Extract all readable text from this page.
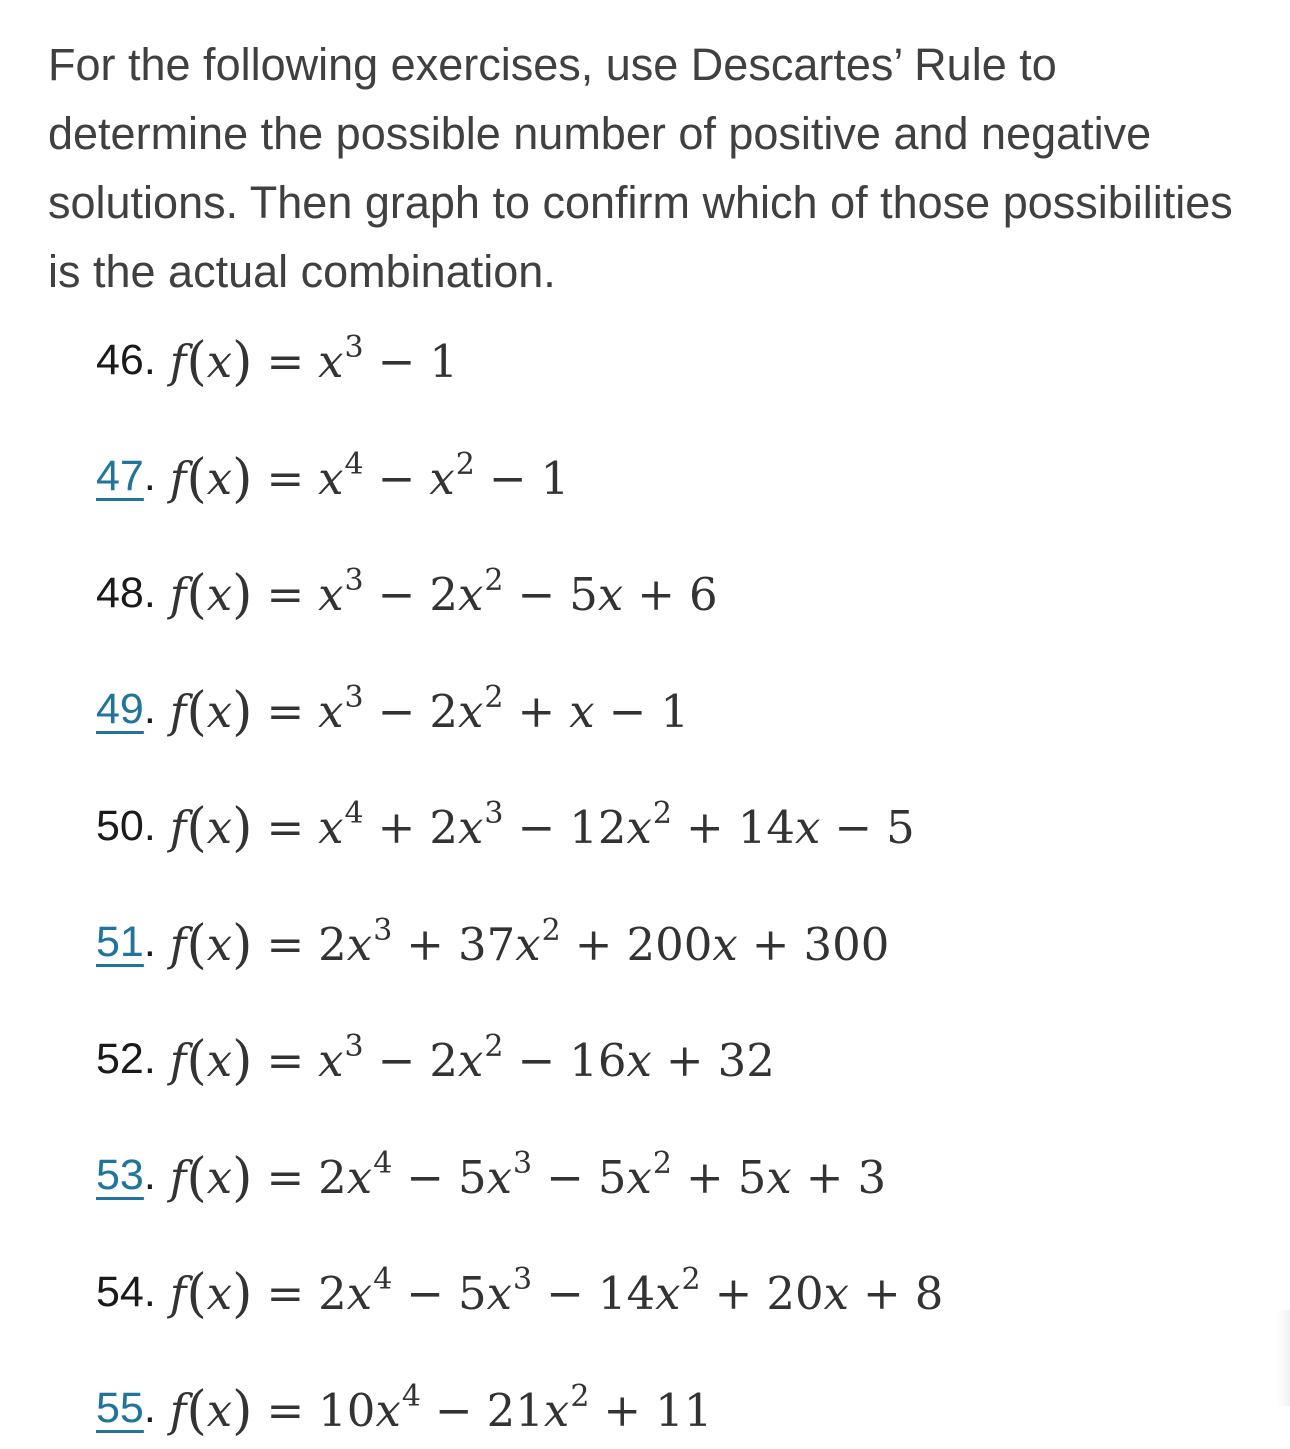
For the following exercises, use Descartes’ Rule to determine the possible number of positive and negative solutions. Then graph to confirm which of those possibilities is the actual combination.

46 . $f(x) = x^3 - 1$
47 . $f(x) = x^4 - x^2 - 1$
48 . $f(x) = x^3 - 2x^2 - 5x + 6$
49 . $f(x) = x^3 - 2x^2 + x - 1$
50 . $f(x) = x^4 + 2x^3 - 12x^2 + 14x - 5$
51 . $f(x) = 2x^3 + 37x^2 + 200x + 300$
52 . $f(x) = x^3 - 2x^2 - 16x + 32$
53 . $f(x) = 2x^4 - 5x^3 - 5x^2 + 5x + 3$
54 . $f(x) = 2x^4 - 5x^3 - 14x^2 + 20x + 8$
55 . $f(x) = 10x^4 - 21x^2 + 11$
